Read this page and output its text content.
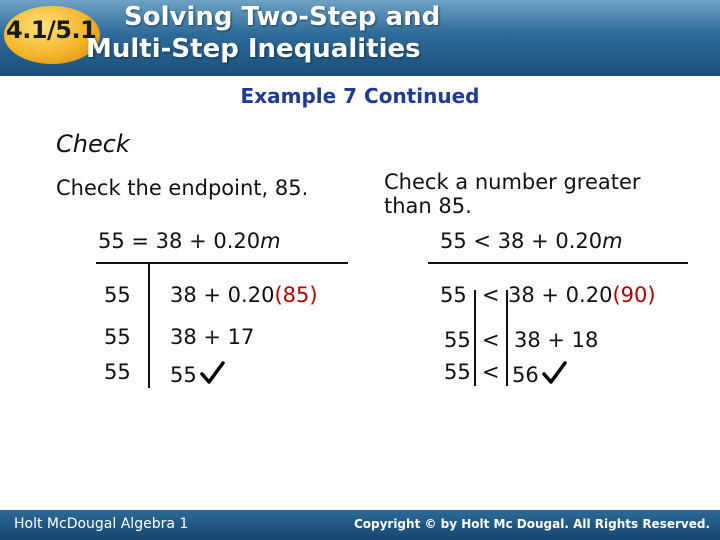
4.1/5.1 Solving Two-Step and
Multi-Step Inequalities
Example 7 Continued
Check
Check the endpoint, 85.
55 = 38 + 0.20m
55 38 + 0.20(85)
55 38 + 17
55 55
Check a number greater
than 85.
55 < 38 + 0.20m
55 < 38 + 0.20(90)
55 < 38 + 18
55 < 56
Holt McDougal Algebra 1	Copyright © by Holt Mc Dougal. All Rights Reserved.
